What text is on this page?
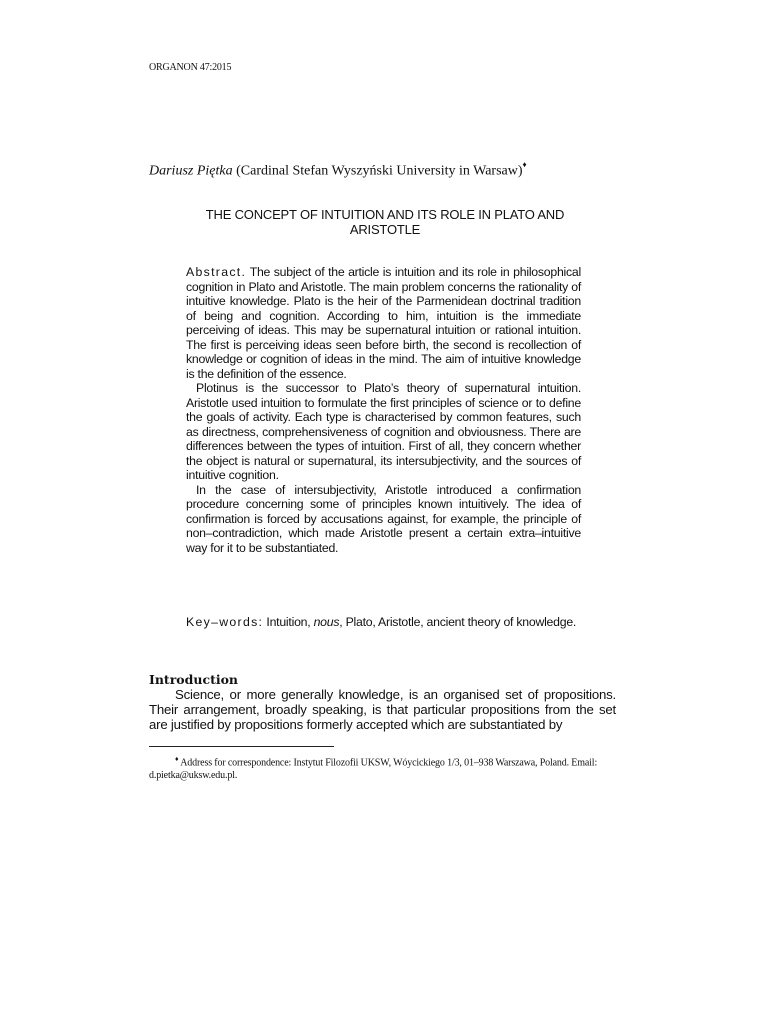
ORGANON 47:2015
Dariusz Piętka (Cardinal Stefan Wyszyński University in Warsaw)♦
THE CONCEPT OF INTUITION AND ITS ROLE IN PLATO AND ARISTOTLE

Abstract. The subject of the article is intuition and its role in philosophical cognition in Plato and Aristotle. The main problem concerns the rationality of intuitive knowledge. Plato is the heir of the Parmenidean doctrinal tradition of being and cognition. According to him, intuition is the immediate perceiving of ideas. This may be supernatural intuition or rational intuition. The first is perceiving ideas seen before birth, the second is recollection of knowledge or cognition of ideas in the mind. The aim of intuitive knowledge is the definition of the essence.

Plotinus is the successor to Plato’s theory of supernatural intuition. Aristotle used intuition to formulate the first principles of science or to define the goals of activity. Each type is characterised by common features, such as directness, comprehensiveness of cognition and obviousness. There are differences between the types of intuition. First of all, they concern whether the object is natural or supernatural, its intersubjectivity, and the sources of intuitive cognition.

In the case of intersubjectivity, Aristotle introduced a confirmation procedure concerning some of principles known intuitively. The idea of confirmation is forced by accusations against, for example, the principle of non–contradiction, which made Aristotle present a certain extra–intuitive way for it to be substantiated.

Key–words: Intuition, nous, Plato, Aristotle, ancient theory of knowledge.
Introduction
Science, or more generally knowledge, is an organised set of propositions. Their arrangement, broadly speaking, is that particular propositions from the set are justified by propositions formerly accepted which are substantiated by

♦ Address for correspondence: Instytut Filozofii UKSW, Wóycickiego 1/3, 01–938 Warszawa, Poland. Email: d.pietka@uksw.edu.pl.
